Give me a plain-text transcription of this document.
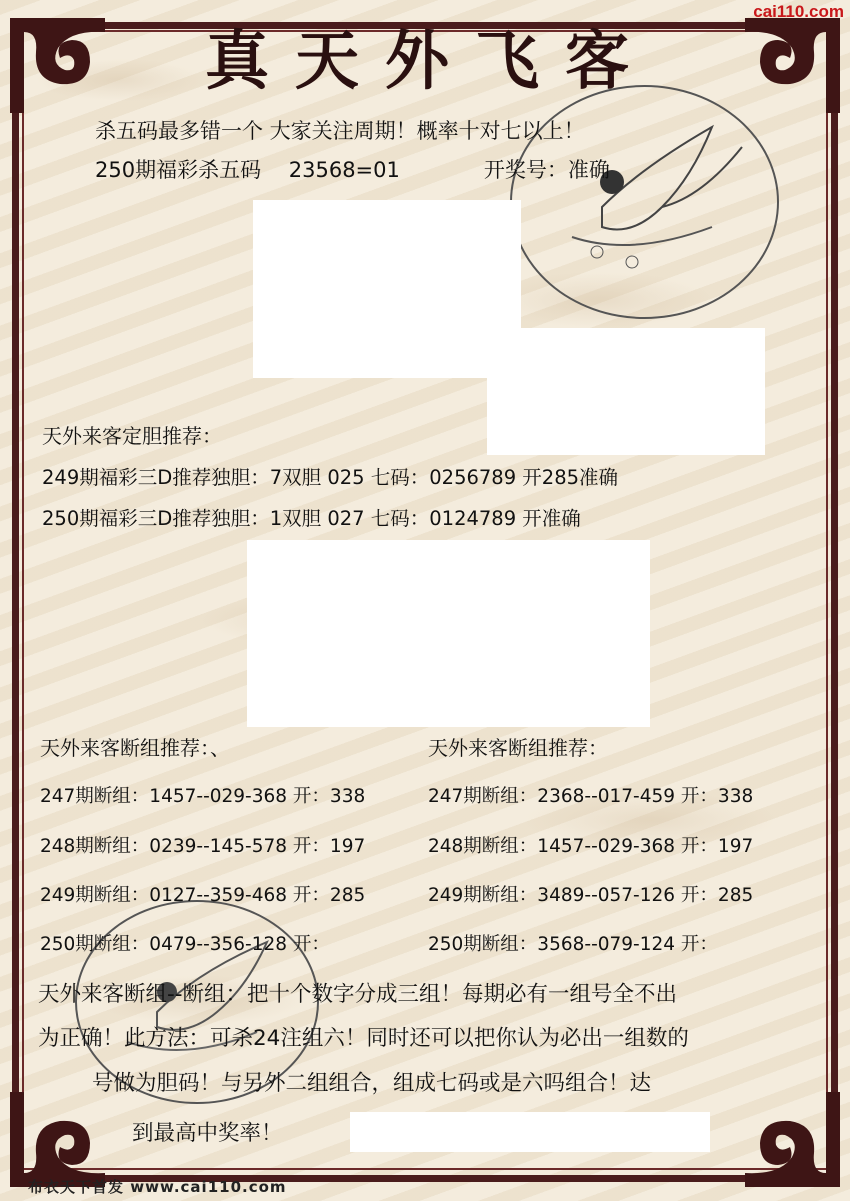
cai110.com
真天外飞客
杀五码最多错一个 大家关注周期！概率十对七以上！
250期福彩杀五码　 23568=01　　　　开奖号：准确
天外来客定胆推荐：
249期福彩三D推荐独胆：7双胆 025 七码：0256789 开285准确
250期福彩三D推荐独胆：1双胆 027 七码：0124789 开准确
天外来客断组推荐：、
247期断组：1457--029-368 开：338
248期断组：0239--145-578 开：197
249期断组：0127--359-468 开：285
250期断组：0479--356-128 开：
天外来客断组推荐：
247期断组：2368--017-459 开：338
248期断组：1457--029-368 开：197
249期断组：3489--057-126 开：285
250期断组：3568--079-124 开：
天外来客断组--断组：把十个数字分成三组！每期必有一组号全不出
为正确！此方法：可杀24注组六！同时还可以把你认为必出一组数的
号做为胆码！与另外二组组合，组成七码或是六吗组合！达
到最高中奖率！
布衣天下首发 www.cai110.com
